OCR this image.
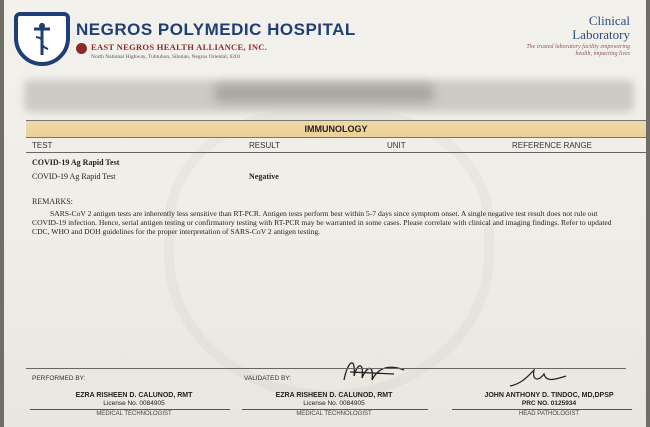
NEGROS POLYMEDIC HOSPITAL
EAST NEGROS HEALTH ALLIANCE, INC.
North National Highway, Tubtubon, Sibulan, Negros Oriental, 6201
Clinical
Laboratory
The trusted laboratory facility empowering health, impacting lives
IMMUNOLOGY
TEST	RESULT	UNIT	REFERENCE RANGE
COVID-19 Ag Rapid Test
COVID-19 Ag Rapid Test	Negative
REMARKS:
SARS-CoV 2 antigen tests are inherently less sensitive than RT-PCR. Antigen tests perform best within 5-7 days since symptom onset. A single negative test result does not rule out COVID-19 infection. Hence, serial antigen testing or confirmatory testing with RT-PCR may be warranted in some cases. Please correlate with clinical and imaging findings. Refer to updated CDC, WHO and DOH guidelines for the proper interpretation of SARS-CoV 2 antigen testing.
PERFORMED BY:	VALIDATED BY:
EZRA RISHEEN D. CALUNOD, RMT
License No. 0084905
EZRA RISHEEN D. CALUNOD, RMT
License No. 0084905
JOHN ANTHONY D. TINDOC, MD,DPSP
PRC NO. 0125934
MEDICAL TECHNOLOGIST	MEDICAL TECHNOLOGIST	HEAD PATHOLOGIST
